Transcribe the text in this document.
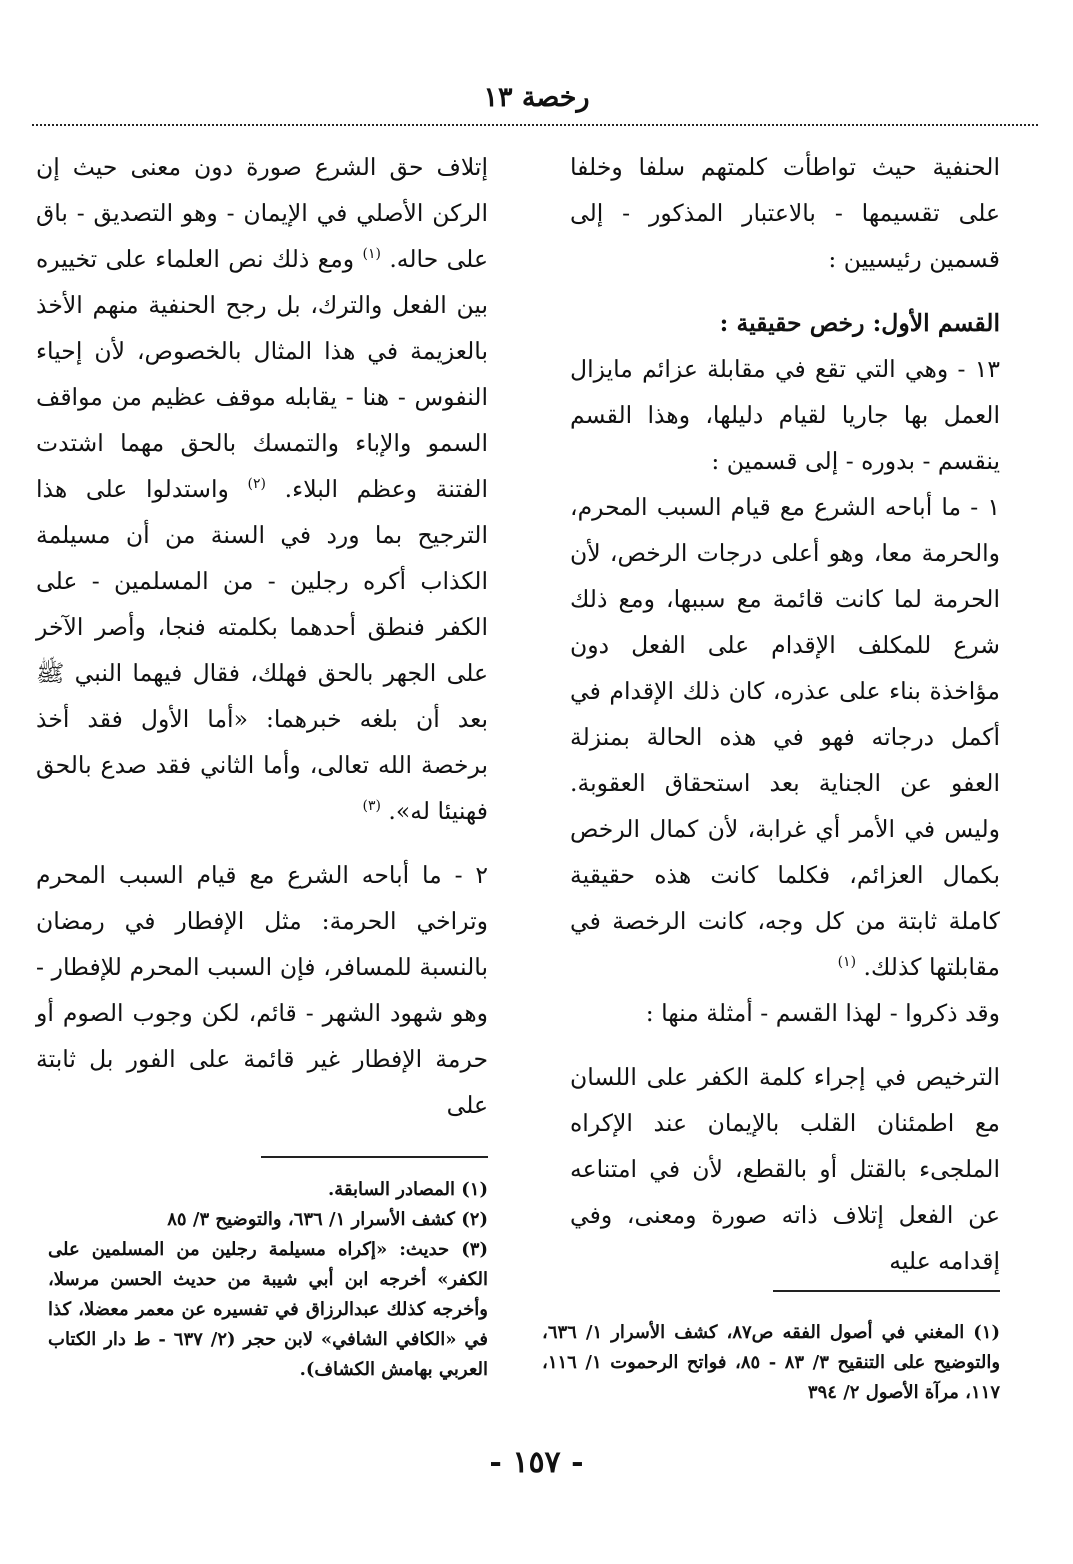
رخصة ١٣

الحنفية حيث تواطأت كلمتهم سلفا وخلفا على تقسيمها - بالاعتبار المذكور - إلى قسمين رئيسيين :

القسم الأول: رخص حقيقية :

١٣ - وهي التي تقع في مقابلة عزائم مايزال العمل بها جاريا لقيام دليلها، وهذا القسم ينقسم - بدوره - إلى قسمين :

١ - ما أباحه الشرع مع قيام السبب المحرم، والحرمة معا، وهو أعلى درجات الرخص، لأن الحرمة لما كانت قائمة مع سببها، ومع ذلك شرع للمكلف الإقدام على الفعل دون مؤاخذة بناء على عذره، كان ذلك الإقدام في أكمل درجاته فهو في هذه الحالة بمنزلة العفو عن الجناية بعد استحقاق العقوبة. وليس في الأمر أي غرابة، لأن كمال الرخص بكمال العزائم، فكلما كانت هذه حقيقية كاملة ثابتة من كل وجه، كانت الرخصة في مقابلتها كذلك. $^{(١)}$

وقد ذكروا - لهذا القسم - أمثلة منها :

الترخيص في إجراء كلمة الكفر على اللسان مع اطمئنان القلب بالإيمان عند الإكراه الملجىء بالقتل أو بالقطع، لأن في امتناعه عن الفعل إتلاف ذاته صورة ومعنى، وفي إقدامه عليه

إتلاف حق الشرع صورة دون معنى حيث إن الركن الأصلي في الإيمان - وهو التصديق - باق على حاله. $^{(١)}$ ومع ذلك نص العلماء على تخييره بين الفعل والترك، بل رجح الحنفية منهم الأخذ بالعزيمة في هذا المثال بالخصوص، لأن إحياء النفوس - هنا - يقابله موقف عظيم من مواقف السمو والإباء والتمسك بالحق مهما اشتدت الفتنة وعظم البلاء. $^{(٢)}$ واستدلوا على هذا الترجيح بما ورد في السنة من أن مسيلمة الكذاب أكره رجلين - من المسلمين - على الكفر فنطق أحدهما بكلمته فنجا، وأصر الآخر على الجهر بالحق فهلك، فقال فيهما النبي ﷺ بعد أن بلغه خبرهما: «أما الأول فقد أخذ برخصة الله تعالى، وأما الثاني فقد صدع بالحق فهنيئا له». $^{(٣)}$

٢ - ما أباحه الشرع مع قيام السبب المحرم وتراخي الحرمة: مثل الإفطار في رمضان بالنسبة للمسافر، فإن السبب المحرم للإفطار - وهو شهود الشهر - قائم، لكن وجوب الصوم أو حرمة الإفطار غير قائمة على الفور بل ثابتة على

(١) المصادر السابقة.

(٢) كشف الأسرار ١/ ٦٣٦، والتوضيح ٣/ ٨٥

(٣) حديث: «إكراه مسيلمة رجلين من المسلمين على الكفر» أخرجه ابن أبي شيبة من حديث الحسن مرسلا، وأخرجه كذلك عبدالرزاق في تفسيره عن معمر معضلا، كذا في «الكافي الشافي» لابن حجر (٢/ ٦٣٧ - ط دار الكتاب العربي بهامش الكشاف).

(١) المغني في أصول الفقه ص٨٧، كشف الأسرار ١/ ٦٣٦، والتوضيح على التنقيح ٣/ ٨٣ - ٨٥، فواتح الرحموت ١/ ١١٦، ١١٧، مرآة الأصول ٢/ ٣٩٤

- ١٥٧ -
